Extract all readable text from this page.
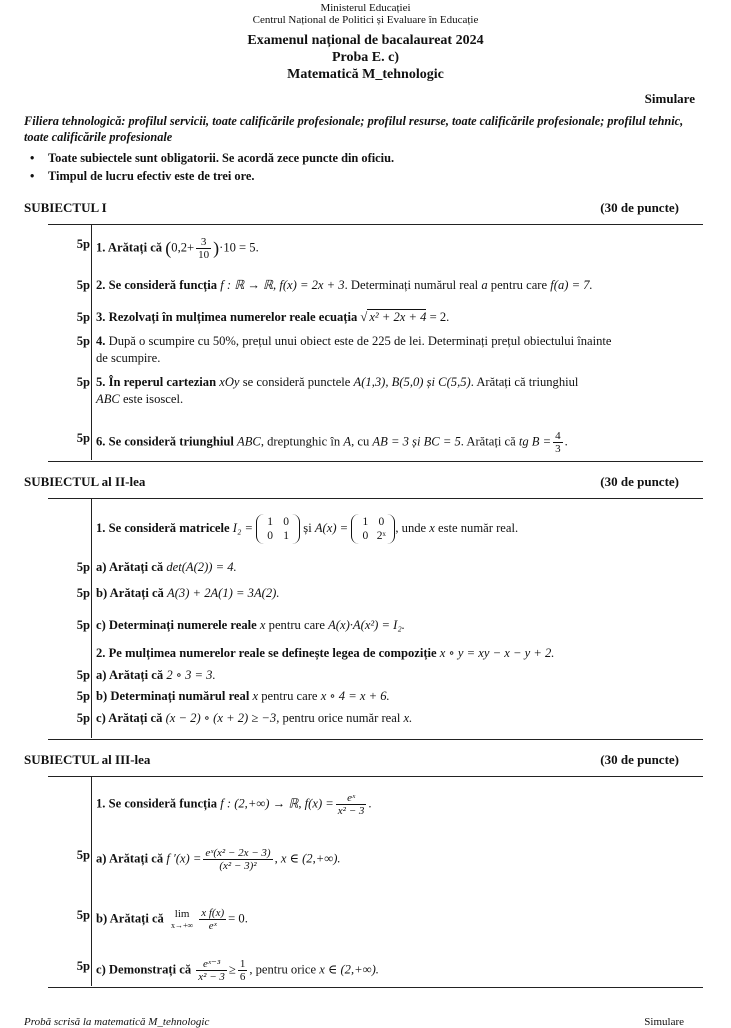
Ministerul Educației
Centrul Național de Politici și Evaluare în Educație
Examenul național de bacalaureat 2024
Proba E. c)
Matematică M_tehnologic
Simulare
Filiera tehnologică: profilul servicii, toate calificările profesionale; profilul resurse, toate calificările profesionale; profilul tehnic, toate calificările profesionale
• Toate subiectele sunt obligatorii. Se acordă zece puncte din oficiu.
• Timpul de lucru efectiv este de trei ore.
SUBIECTUL I	(30 de puncte)
5p 1. Arătați că $(0,2+ \frac{3}{10} )\cdot 10 = 5$.
5p 2. Se consideră funcția f : ℝ → ℝ, f(x) = 2x + 3. Determinați numărul real a pentru care f(a) = 7.
5p 3. Rezolvați în mulțimea numerelor reale ecuația √ x² + 2x + 4 = 2.
5p 4. După o scumpire cu 50%, prețul unui obiect este de 225 de lei. Determinați prețul obiectului înainte
de scumpire.
5p 5. În reperul cartezian xOy se consideră punctele A(1,3), B(5,0) și C(5,5). Arătați că triunghiul
ABC este isoscel.
5p 6. Se consideră triunghiul ABC, dreptunghic în A, cu AB = 3 și BC = 5. Arătați că tg $B = \frac{4}{3}$ .
SUBIECTUL al II-lea	(30 de puncte)
1. Se consideră matricele I₂ =	1 0
0 1
și A(x) =	1 0
0 2ˣ
, unde x este număr real.
5p a) Arătați că det(A(2)) = 4.
5p b) Arătați că A(3) + 2A(1) = 3A(2).
5p c) Determinați numerele reale x pentru care A(x)·A(x²) = I₂.
2. Pe mulțimea numerelor reale se definește legea de compoziție x ∘ y = xy − x − y + 2.
5p a) Arătați că 2 ∘ 3 = 3.
5p b) Determinați numărul real x pentru care x ∘ 4 = x + 6.
5p c) Arătați că (x − 2) ∘ (x + 2) ≥ −3, pentru orice număr real x.
SUBIECTUL al III-lea	(30 de puncte)
1. Se consideră funcția f : (2,+∞) → ℝ, $f(x) = \frac{\text{eˣ}}{\text{x² − 3}}$ .
5p a) Arătați că f $'(x) = \frac{\text{eˣ(x² − 2x − 3)}}{\text{(x² − 3)²}}$ , x ∈ (2,+∞).
5p b) Arătați că lim
$x\to+\infty \frac{\text{x f(x)}}{\text{eˣ}} = 0$.
5p c) Demonstrați că $\frac{\text{eˣ⁻³}}{\text{x² − 3}} \ge \frac{1}{6}$ , pentru orice x ∈ (2,+∞).
Probă scrisă la matematică M_tehnologic	Simulare
